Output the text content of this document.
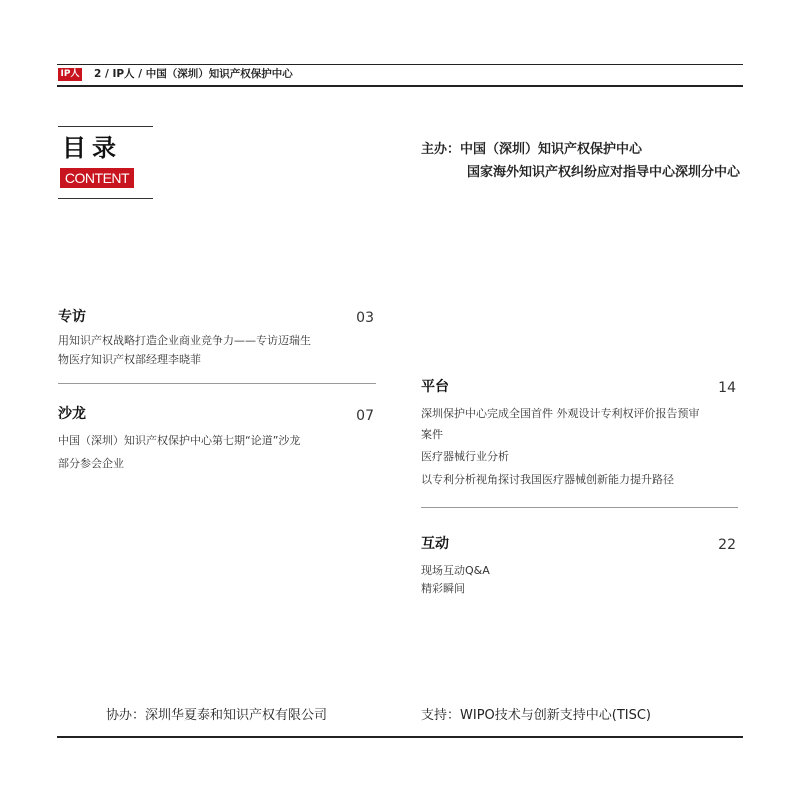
IP人 2 / IP人 / 中国（深圳）知识产权保护中心
目录
CONTENT
主办：中国（深圳）知识产权保护中心
国家海外知识产权纠纷应对指导中心深圳分中心
专访	03
用知识产权战略打造企业商业竞争力——专访迈瑞生
物医疗知识产权部经理李晓菲
沙龙	07
中国（深圳）知识产权保护中心第七期“论道”沙龙
部分参会企业
平台	14
深圳保护中心完成全国首件 外观设计专利权评价报告预审
案件
医疗器械行业分析
以专利分析视角探讨我国医疗器械创新能力提升路径
互动	22
现场互动Q&A
精彩瞬间
协办：深圳华夏泰和知识产权有限公司	支持：WIPO技术与创新支持中心(TISC)
